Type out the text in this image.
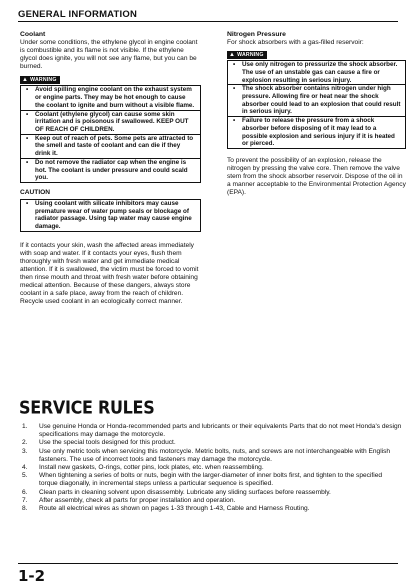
GENERAL INFORMATION

Coolant

Under some conditions, the ethylene glycol in engine coolant is combustible and its flame is not visible. If the ethylene glycol does ignite, you will not see any flame, but you can be burned.

▲ WARNING
• Avoid spilling engine coolant on the exhaust system or engine parts. They may be hot enough to cause the coolant to ignite and burn without a visible flame.
• Coolant (ethylene glycol) can cause some skin irritation and is poisonous if swallowed. KEEP OUT OF REACH OF CHILDREN.
• Keep out of reach of pets. Some pets are attracted to the smell and taste of coolant and can die if they drink it.
• Do not remove the radiator cap when the engine is hot. The coolant is under pressure and could scald you.

CAUTION

• Using coolant with silicate inhibitors may cause premature wear of water pump seals or blockage of radiator passage. Using tap water may cause engine damage.

If it contacts your skin, wash the affected areas immediately with soap and water. If it contacts your eyes, flush them thoroughly with fresh water and get immediate medical attention. If it is swallowed, the victim must be forced to vomit then rinse mouth and throat with fresh water before obtaining medical attention. Because of these dangers, always store coolant in a safe place, away from the reach of children.

Recycle used coolant in an ecologically correct manner.

Nitrogen Pressure

For shock absorbers with a gas-filled reservoir:

▲ WARNING
• Use only nitrogen to pressurize the shock absorber. The use of an unstable gas can cause a fire or explosion resulting in serious injury.
• The shock absorber contains nitrogen under high pressure. Allowing fire or heat near the shock absorber could lead to an explosion that could result in serious injury.
• Failure to release the pressure from a shock absorber before disposing of it may lead to a possible explosion and serious injury if it is heated or pierced.

To prevent the possibility of an explosion, release the nitrogen by pressing the valve core. Then remove the valve stem from the shock absorber reservoir. Dispose of the oil in a manner acceptable to the Environmental Protection Agency (EPA).

SERVICE RULES
1. Use genuine Honda or Honda-recommended parts and lubricants or their equivalents Parts that do not meet Honda's design specifications may damage the motorcycle.
2. Use the special tools designed for this product.
3. Use only metric tools when servicing this motorcycle. Metric bolts, nuts, and screws are not interchangeable with English fasteners. The use of incorrect tools and fasteners may damage the motorcycle.
4. Install new gaskets, O-rings, cotter pins, lock plates, etc. when reassembling.
5. When tightening a series of bolts or nuts, begin with the larger-diameter of inner bolts first, and tighten to the specified torque diagonally, in incremental steps unless a particular sequence is specified.
6. Clean parts in cleaning solvent upon disassembly. Lubricate any sliding surfaces before reassembly.
7. After assembly, check all parts for proper installation and operation.
8. Route all electrical wires as shown on pages 1-33 through 1-43, Cable and Harness Routing.
1-2
